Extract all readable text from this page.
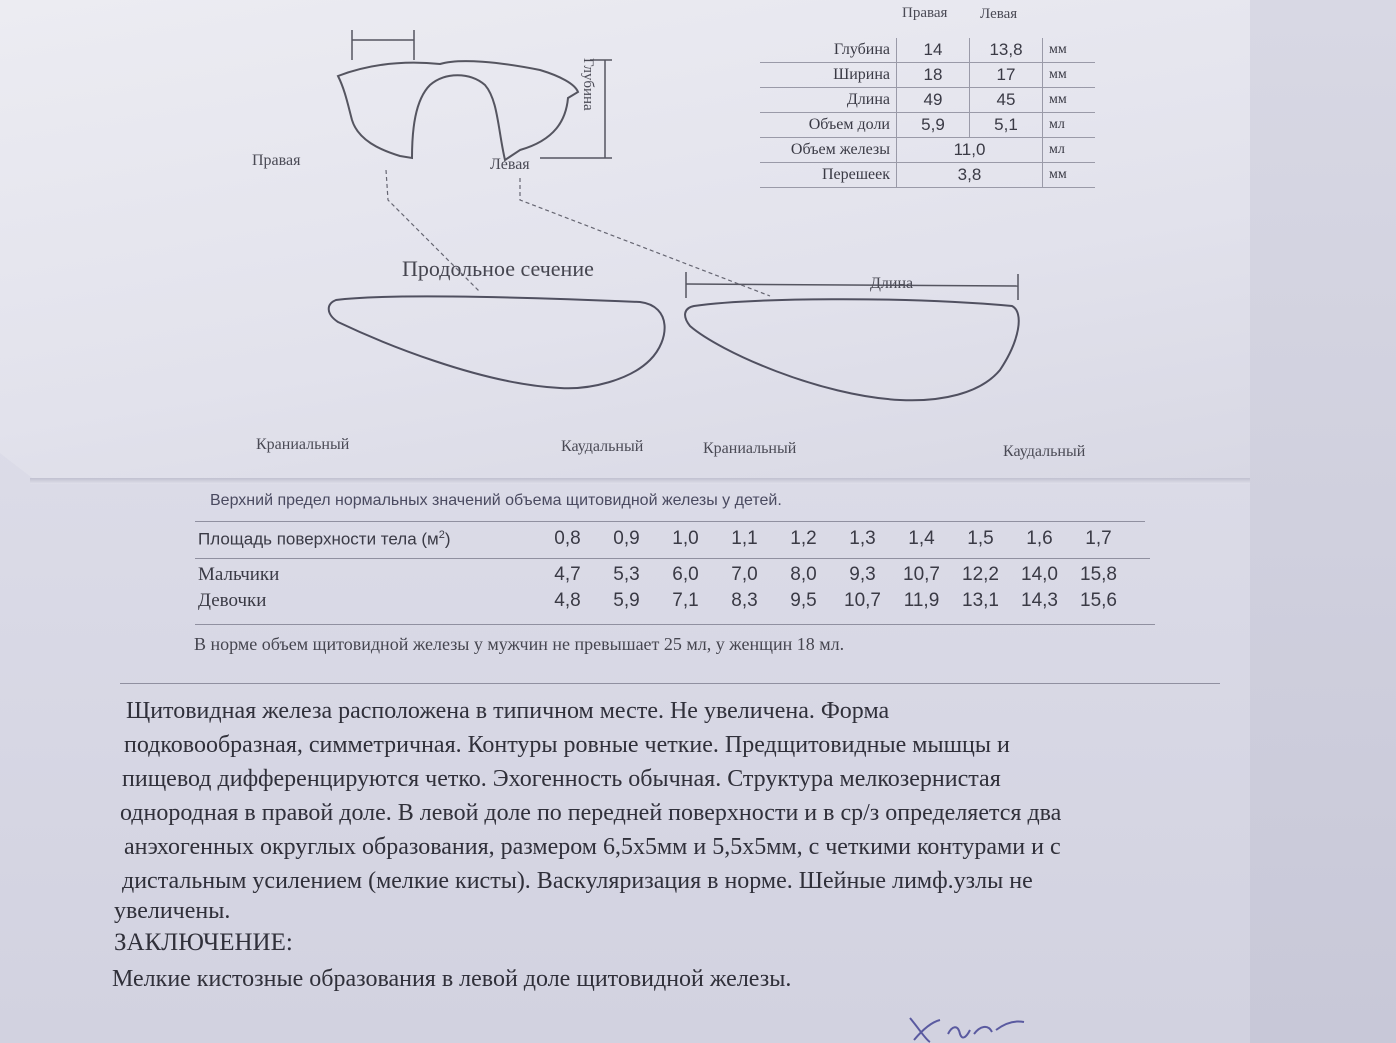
Глубина
Правая	Левая
Продольное сечение
Длина
Краниальный	Каудальный	Краниальный	Каудальный
Правая Левая
Глубина	14	13,8	мм
Ширина	18	17	мм
Длина	49	45	мм
Объем доли	5,9	5,1	мл
Объем железы	11,0		мл
Перешеек	3,8		мм
Верхний предел нормальных значений объема щитовидной железы у детей.
Площадь поверхности тела $(м^2)$	0,8	0,9	1,0	1,1	1,2	1,3	1,4	1,5	1,6	1,7
Мальчики	4,7	5,3	6,0	7,0	8,0	9,3	10,7	12,2	14,0	15,8
Девочки	4,8	5,9	7,1	8,3	9,5	10,7	11,9	13,1	14,3	15,6
В норме объем щитовидной железы у мужчин не превышает 25 мл, у женщин 18 мл.
Щитовидная железа расположена в типичном месте. Не увеличена. Форма
подковообразная, симметричная. Контуры ровные четкие. Предщитовидные мышцы и
пищевод дифференцируются четко. Эхогенность обычная. Структура мелкозернистая
однородная в правой доле. В левой доле по передней поверхности и в ср/з определяется два
анэхогенных округлых образования, размером 6,5х5мм и 5,5х5мм, с четкими контурами и с
дистальным усилением (мелкие кисты). Васкуляризация в норме. Шейные лимф.узлы не
увеличены.
ЗАКЛЮЧЕНИЕ:
Мелкие кистозные образования в левой доле щитовидной железы.
